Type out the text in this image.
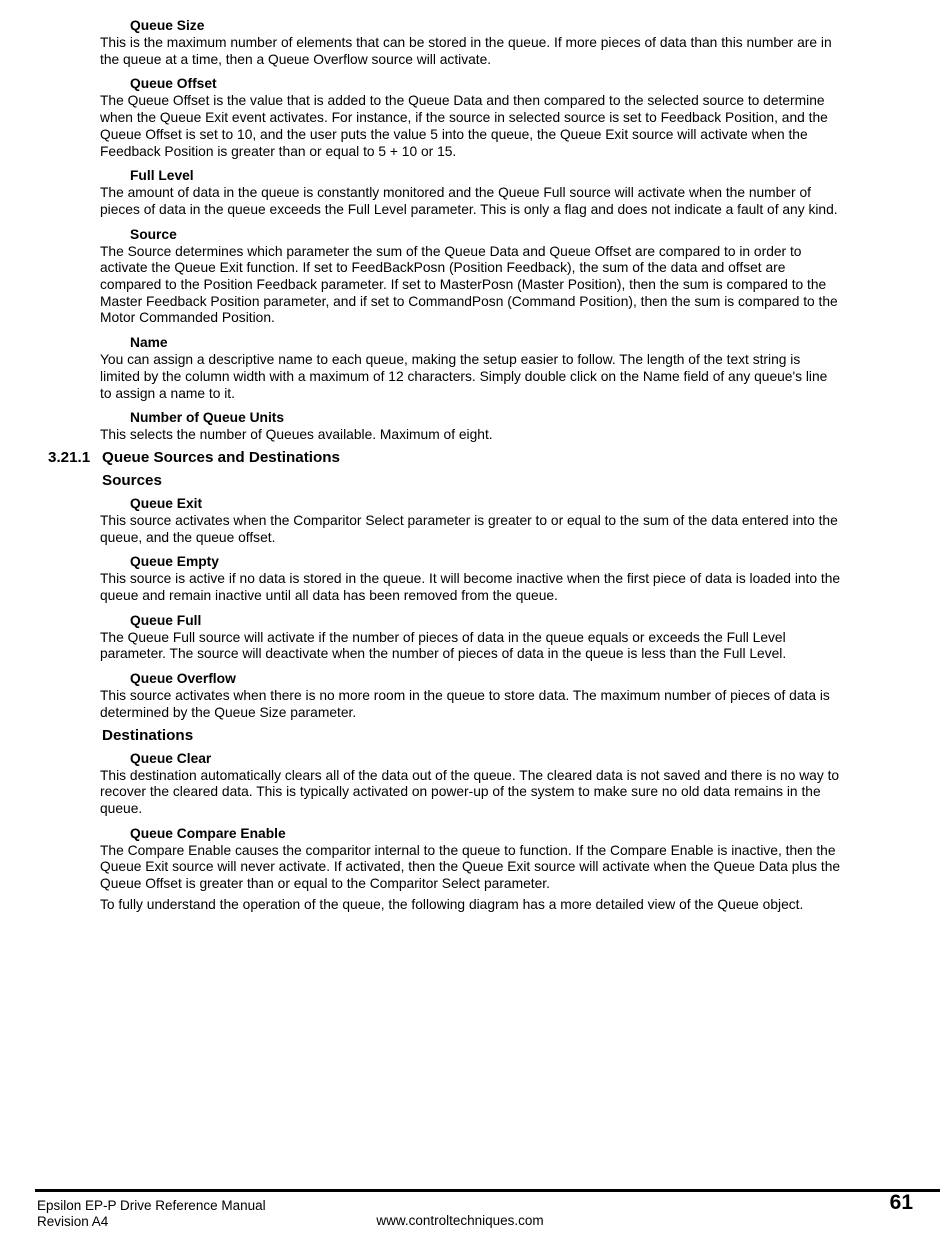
Queue Size

This is the maximum number of elements that can be stored in the queue. If more pieces of data than this number are in the queue at a time, then a Queue Overflow source will activate.

Queue Offset

The Queue Offset is the value that is added to the Queue Data and then compared to the selected source to determine when the Queue Exit event activates. For instance, if the source in selected source is set to Feedback Position, and the Queue Offset is set to 10, and the user puts the value 5 into the queue, the Queue Exit source will activate when the Feedback Position is greater than or equal to 5 + 10 or 15.

Full Level

The amount of data in the queue is constantly monitored and the Queue Full source will activate when the number of pieces of data in the queue exceeds the Full Level parameter. This is only a flag and does not indicate a fault of any kind.

Source

The Source determines which parameter the sum of the Queue Data and Queue Offset are compared to in order to activate the Queue Exit function. If set to FeedBackPosn (Position Feedback), the sum of the data and offset are compared to the Position Feedback parameter. If set to MasterPosn (Master Position), then the sum is compared to the Master Feedback Position parameter, and if set to CommandPosn (Command Position), then the sum is compared to the Motor Commanded Position.

Name

You can assign a descriptive name to each queue, making the setup easier to follow. The length of the text string is limited by the column width with a maximum of 12 characters. Simply double click on the Name field of any queue's line to assign a name to it.

Number of Queue Units

This selects the number of Queues available. Maximum of eight.

3.21.1 Queue Sources and Destinations
Sources
Queue Exit

This source activates when the Comparitor Select parameter is greater to or equal to the sum of the data entered into the queue, and the queue offset.

Queue Empty

This source is active if no data is stored in the queue. It will become inactive when the first piece of data is loaded into the queue and remain inactive until all data has been removed from the queue.

Queue Full

The Queue Full source will activate if the number of pieces of data in the queue equals or exceeds the Full Level parameter. The source will deactivate when the number of pieces of data in the queue is less than the Full Level.

Queue Overflow

This source activates when there is no more room in the queue to store data. The maximum number of pieces of data is determined by the Queue Size parameter.

Destinations
Queue Clear

This destination automatically clears all of the data out of the queue. The cleared data is not saved and there is no way to recover the cleared data. This is typically activated on power-up of the system to make sure no old data remains in the queue.

Queue Compare Enable

The Compare Enable causes the comparitor internal to the queue to function. If the Compare Enable is inactive, then the Queue Exit source will never activate. If activated, then the Queue Exit source will activate when the Queue Data plus the Queue Offset is greater than or equal to the Comparitor Select parameter.

To fully understand the operation of the queue, the following diagram has a more detailed view of the Queue object.

61
Epsilon EP-P Drive Reference Manual
Revision A4	www.controltechniques.com
